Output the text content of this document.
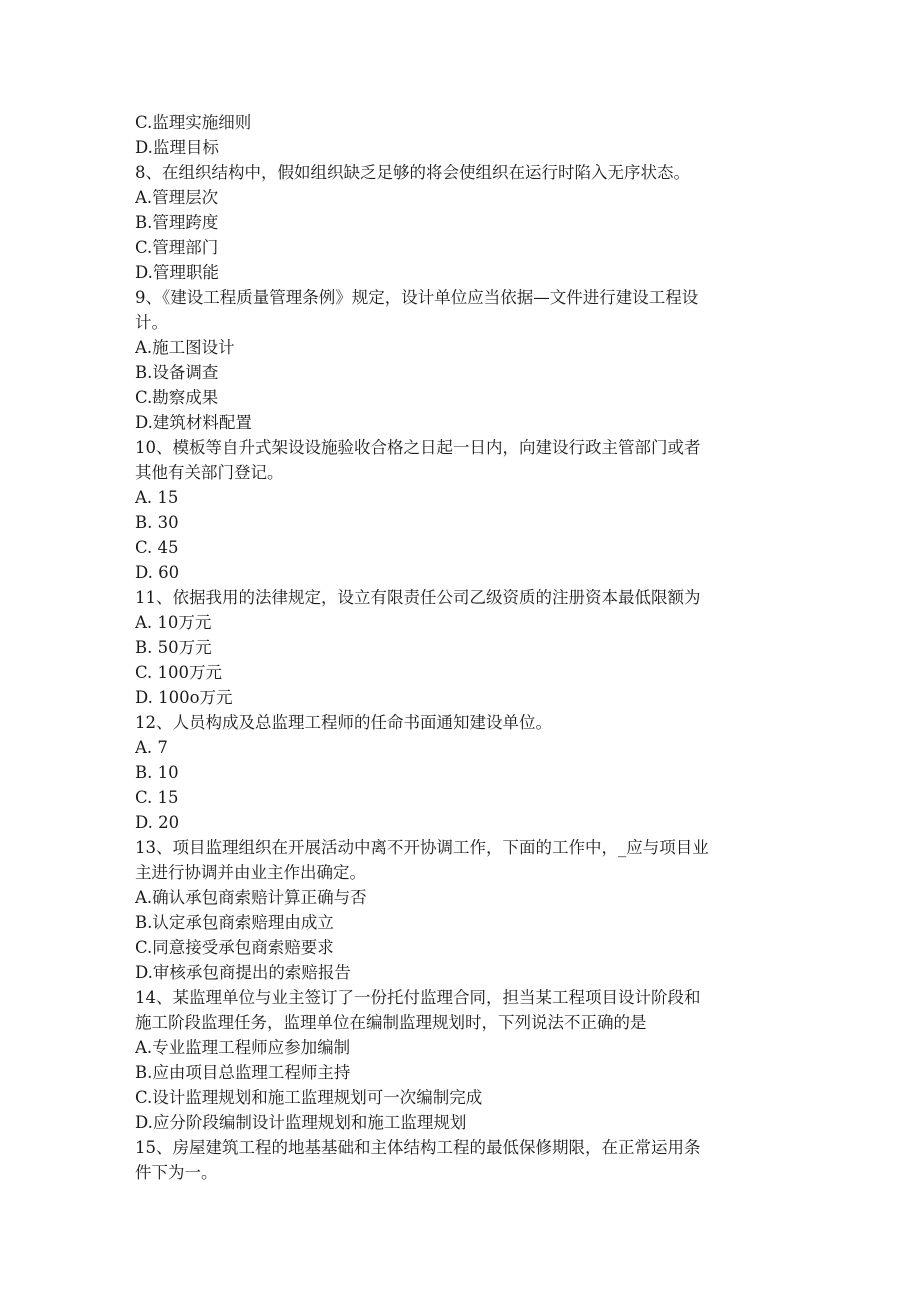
C.监理实施细则
D.监理目标
8、在组织结构中，假如组织缺乏足够的将会使组织在运行时陷入无序状态。
A.管理层次
B.管理跨度
C.管理部门
D.管理职能
9、《建设工程质量管理条例》规定，设计单位应当依据—文件进行建设工程设
计。
A.施工图设计
B.设备调查
C.勘察成果
D.建筑材料配置
10、模板等自升式架设设施验收合格之日起一日内，向建设行政主管部门或者
其他有关部门登记。
A. 15
B. 30
C. 45
D. 60
11、依据我用的法律规定，设立有限责任公司乙级资质的注册资本最低限额为
A. 10万元
B. 50万元
C. 100万元
D. 100o万元
12、人员构成及总监理工程师的任命书面通知建设单位。
A. 7
B. 10
C. 15
D. 20
13、项目监理组织在开展活动中离不开协调工作，下面的工作中，_应与项目业
主进行协调并由业主作出确定。
A.确认承包商索赔计算正确与否
B.认定承包商索赔理由成立
C.同意接受承包商索赔要求
D.审核承包商提出的索赔报告
14、某监理单位与业主签订了一份托付监理合同，担当某工程项目设计阶段和
施工阶段监理任务，监理单位在编制监理规划时，下列说法不正确的是
A.专业监理工程师应参加编制
B.应由项目总监理工程师主持
C.设计监理规划和施工监理规划可一次编制完成
D.应分阶段编制设计监理规划和施工监理规划
15、房屋建筑工程的地基基础和主体结构工程的最低保修期限，在正常运用条
件下为一。
